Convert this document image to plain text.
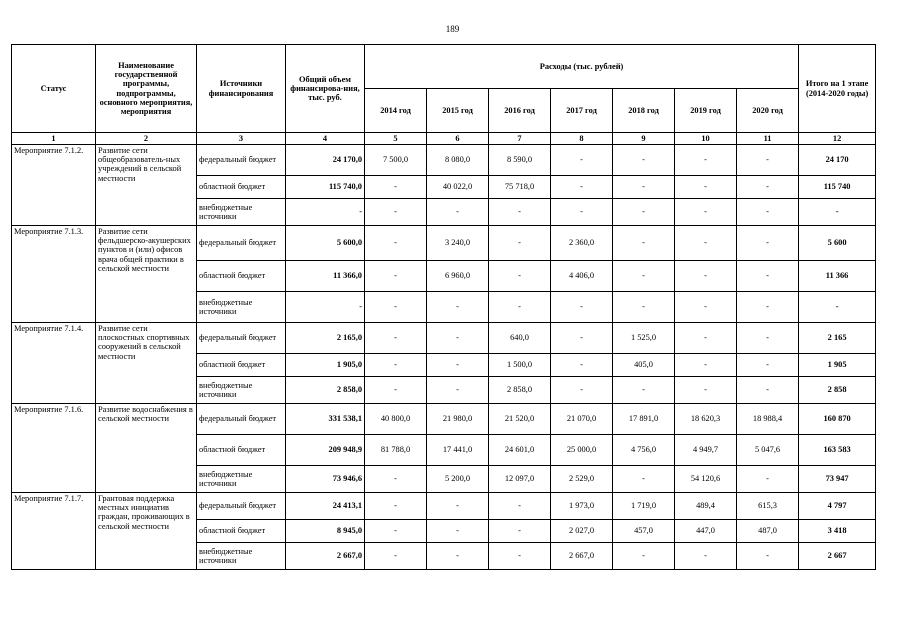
189
Статус	Наименование государственной программы, подпрограммы, основного мероприятия, мероприятия	Источники финансирования	Общий объем финансирова-ния, тыс. руб.	Расходы (тыс. рублей)							Итого на 1 этапе (2014-2020 годы)
				2014 год	2015 год	2016 год	2017 год	2018 год	2019 год	2020 год	
1	2	3	4	5	6	7	8	9	10	11	12
Мероприятие 7.1.2.	Развитие сети общеобразователь-ных учреждений в сельской местности	федеральный бюджет	24 170,0	7 500,0	8 080,0	8 590,0	-	-	-	-	24 170
		областной бюджет	115 740,0	-	40 022,0	75 718,0	-	-	-	-	115 740
		внебюджетные источники	-	-	-	-	-	-	-	-	-
Мероприятие 7.1.3.	Развитие сети фельдшерско-акушерских пунктов и (или) офисов врача общей практики в сельской местности	федеральный бюджет	5 600,0	-	3 240,0	-	2 360,0	-	-	-	5 600
		областной бюджет	11 366,0	-	6 960,0	-	4 406,0	-	-	-	11 366
		внебюджетные источники	-	-	-	-	-	-	-	-	-
Мероприятие 7.1.4.	Развитие сети плоскостных спортивных сооружений в сельской местности	федеральный бюджет	2 165,0	-	-	640,0	-	1 525,0	-	-	2 165
		областной бюджет	1 905,0	-	-	1 500,0	-	405,0	-	-	1 905
		внебюджетные источники	2 858,0	-	-	2 858,0	-	-	-	-	2 858
Мероприятие 7.1.6.	Развитие водоснабжения в сельской местности	федеральный бюджет	331 538,1	40 800,0	21 980,0	21 520,0	21 070,0	17 891,0	18 620,3	18 988,4	160 870
		областной бюджет	209 948,9	81 788,0	17 441,0	24 601,0	25 000,0	4 756,0	4 949,7	5 047,6	163 583
		внебюджетные источники	73 946,6	-	5 200,0	12 097,0	2 529,0	-	54 120,6	-	73 947
Мероприятие 7.1.7.	Грантовая поддержка местных инициатив граждан, проживающих в сельской местности	федеральный бюджет	24 413,1	-	-	-	1 973,0	1 719,0	489,4	615,3	4 797
		областной бюджет	8 945,0	-	-	-	2 027,0	457,0	447,0	487,0	3 418
		внебюджетные источники	2 667,0	-	-	-	2 667,0	-	-	-	2 667
